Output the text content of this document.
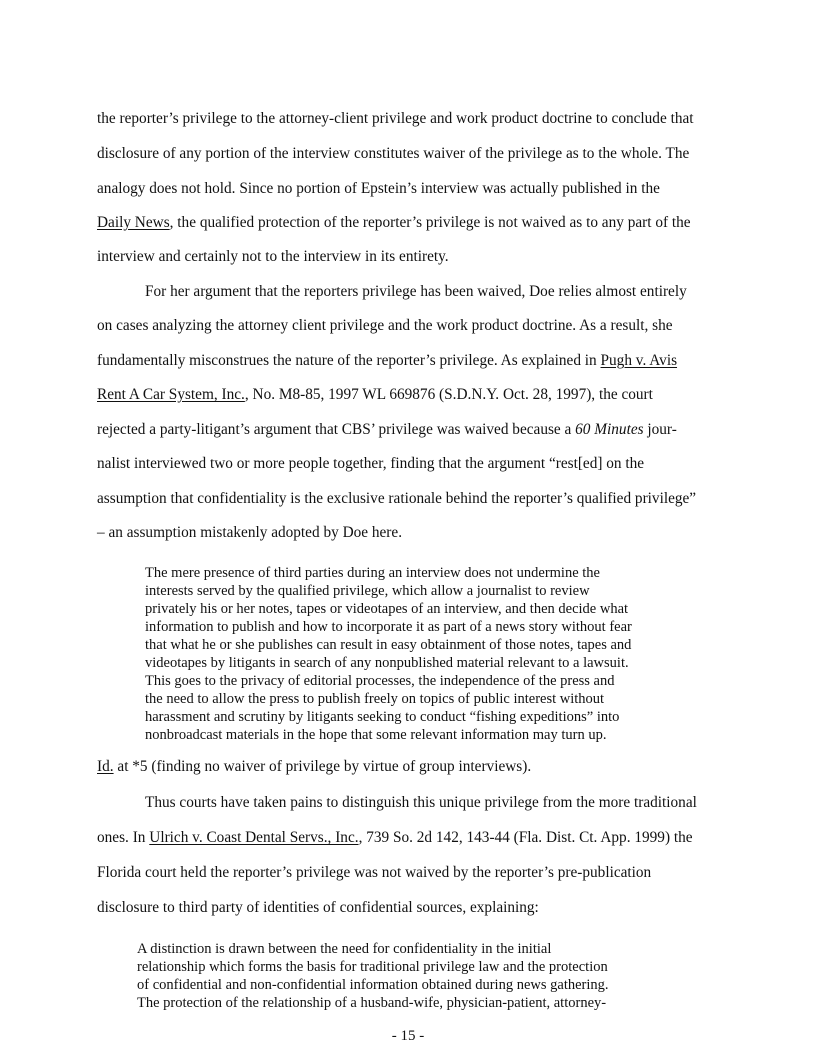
the reporter’s privilege to the attorney-client privilege and work product doctrine to conclude that
disclosure of any portion of the interview constitutes waiver of the privilege as to the whole. The
analogy does not hold. Since no portion of Epstein’s interview was actually published in the
Daily News, the qualified protection of the reporter’s privilege is not waived as to any part of the
interview and certainly not to the interview in its entirety.
For her argument that the reporters privilege has been waived, Doe relies almost entirely
on cases analyzing the attorney client privilege and the work product doctrine. As a result, she
fundamentally misconstrues the nature of the reporter’s privilege. As explained in Pugh v. Avis
Rent A Car System, Inc., No. M8-85, 1997 WL 669876 (S.D.N.Y. Oct. 28, 1997), the court
rejected a party-litigant’s argument that CBS’ privilege was waived because a 60 Minutes jour-
nalist interviewed two or more people together, finding that the argument “rest[ed] on the
assumption that confidentiality is the exclusive rationale behind the reporter’s qualified privilege”
– an assumption mistakenly adopted by Doe here.
The mere presence of third parties during an interview does not undermine the
interests served by the qualified privilege, which allow a journalist to review
privately his or her notes, tapes or videotapes of an interview, and then decide what
information to publish and how to incorporate it as part of a news story without fear
that what he or she publishes can result in easy obtainment of those notes, tapes and
videotapes by litigants in search of any nonpublished material relevant to a lawsuit.
This goes to the privacy of editorial processes, the independence of the press and
the need to allow the press to publish freely on topics of public interest without
harassment and scrutiny by litigants seeking to conduct “fishing expeditions” into
nonbroadcast materials in the hope that some relevant information may turn up.
Id. at *5 (finding no waiver of privilege by virtue of group interviews).
Thus courts have taken pains to distinguish this unique privilege from the more traditional
ones. In Ulrich v. Coast Dental Servs., Inc., 739 So. 2d 142, 143-44 (Fla. Dist. Ct. App. 1999) the
Florida court held the reporter’s privilege was not waived by the reporter’s pre-publication
disclosure to third party of identities of confidential sources, explaining:
A distinction is drawn between the need for confidentiality in the initial
relationship which forms the basis for traditional privilege law and the protection
of confidential and non-confidential information obtained during news gathering.
The protection of the relationship of a husband-wife, physician-patient, attorney-
- 15 -
